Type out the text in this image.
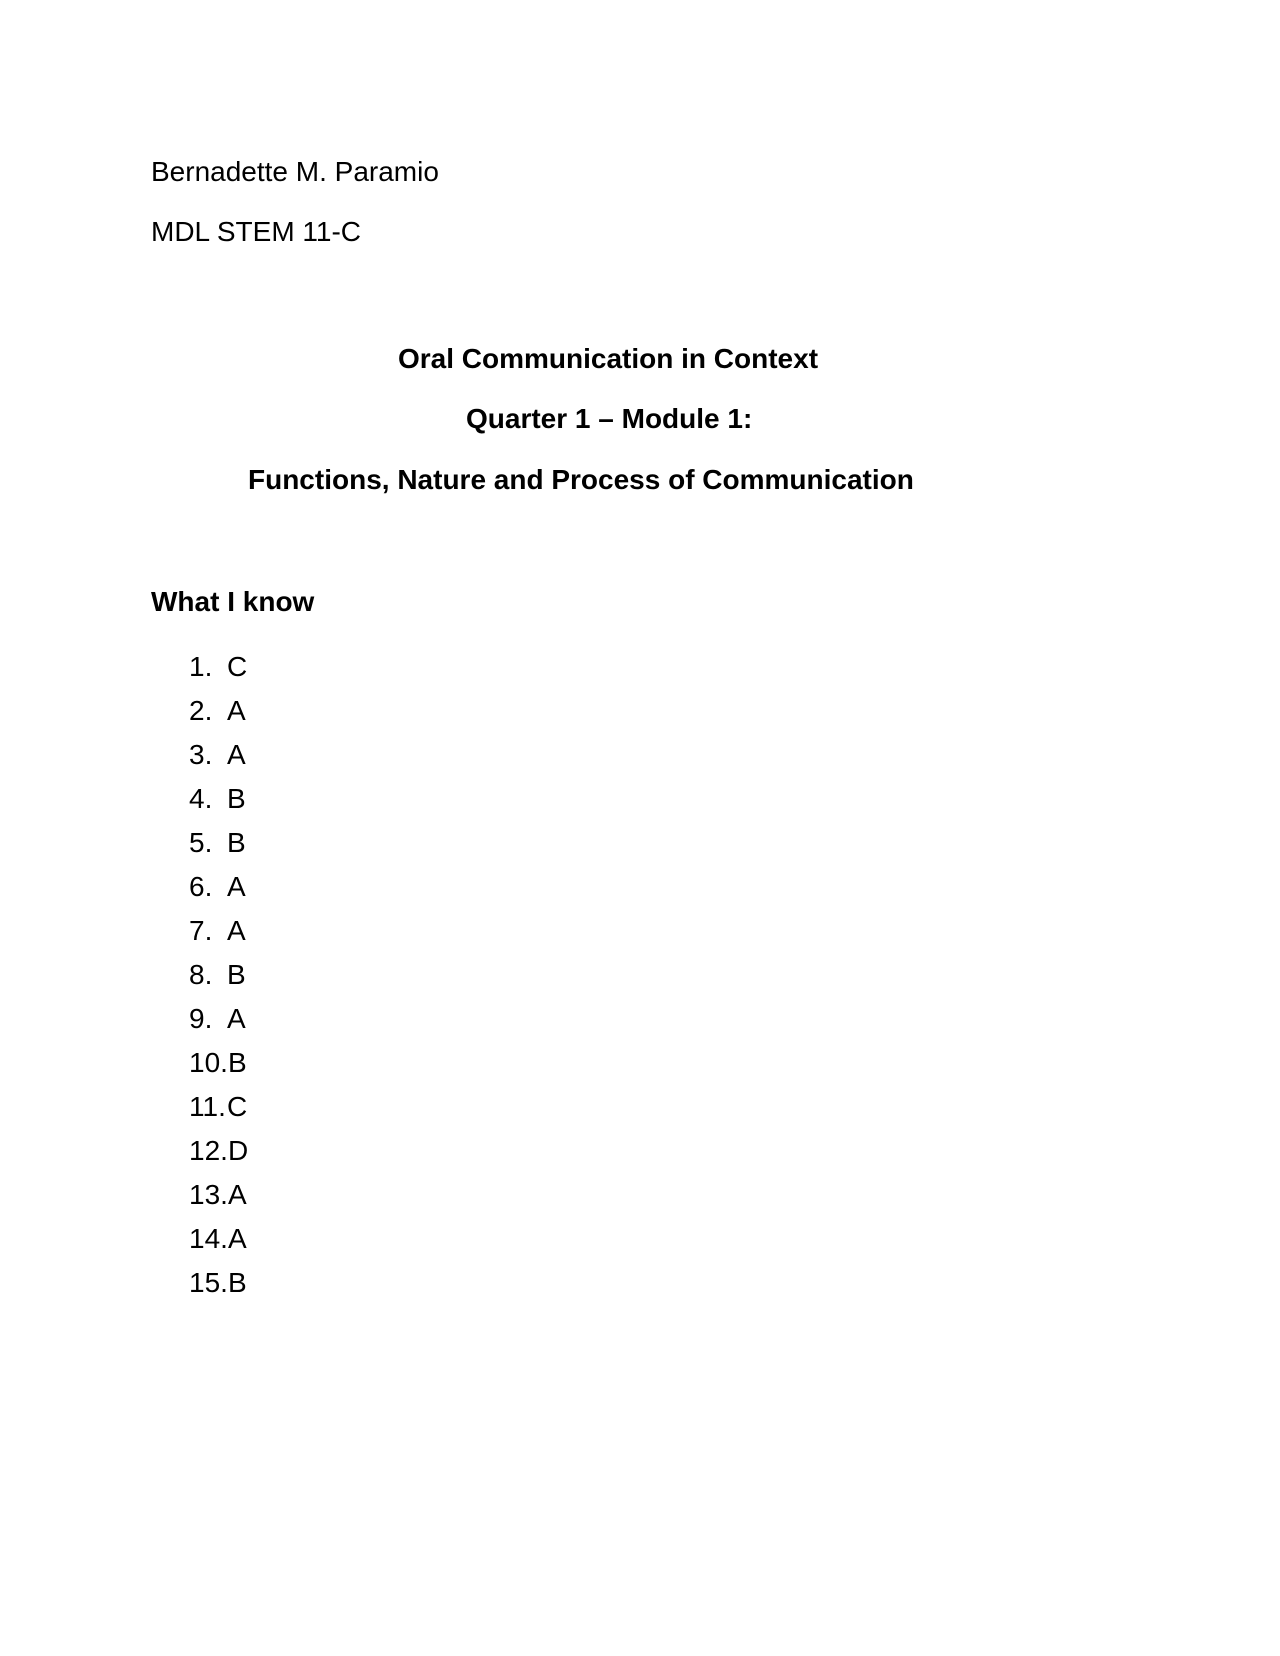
Bernadette M. Paramio
MDL STEM 11-C
Oral Communication in Context
Quarter 1 – Module 1:
Functions, Nature and Process of Communication
What I know
1. C
2. A
3. A
4. B
5. B
6. A
7. A
8. B
9. A
10.B
11.C
12.D
13.A
14.A
15.B
